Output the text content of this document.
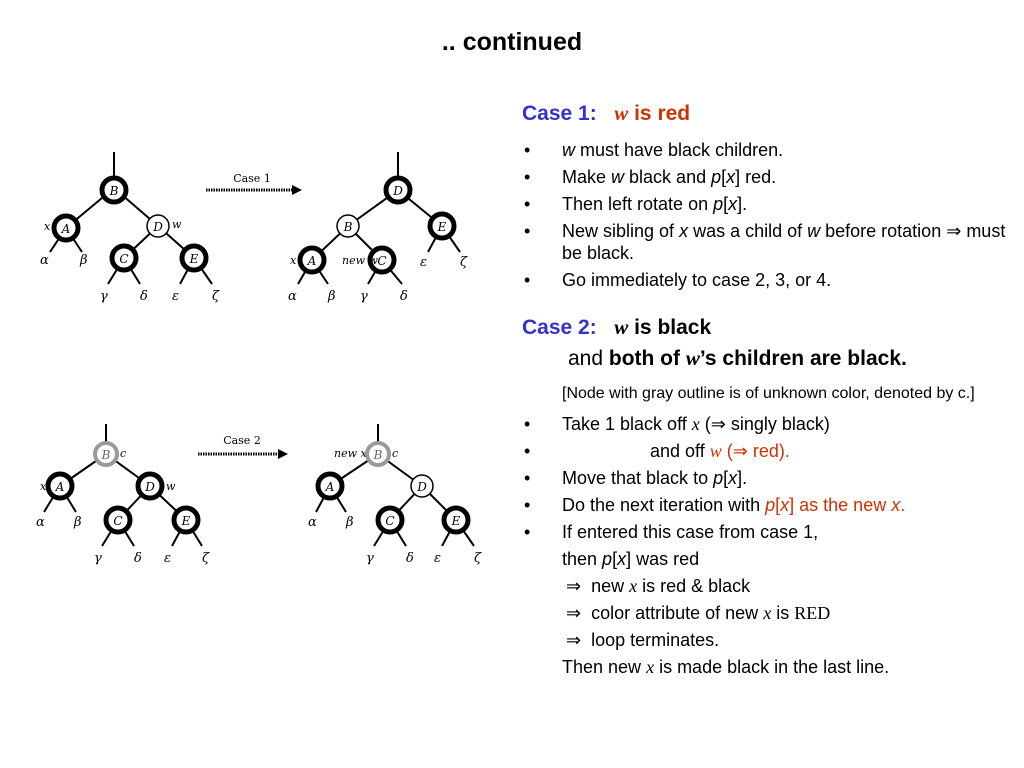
.. continued
B
A	D
C	E
x	w
α β
γ δ ε	ζ
Case 1
D
B	E
A	C
x	new w
α β γ δ
ε	ζ
B c
A	D
C	E
x	w
α β
γ δ ε ζ
Case 2
new x B c
A	D
C	E
α β
γ δ ε	ζ
Case 1: w is red
• w must have black children.
• Make w black and p[x] red.
• Then left rotate on p[x].
• New sibling of x was a child of w before rotation ⇒ must be black.
• Go immediately to case 2, 3, or 4.
Case 2: w is black
and both of w’s children are black.
[Node with gray outline is of unknown color, denoted by c.]
• Take 1 black off x (⇒ singly black)
•	and off w (⇒ red).
• Move that black to p[x].
• Do the next iteration with p[x] as the new x.
• If entered this case from case 1,
then p[x] was red
⇒  new x is red & black
⇒  color attribute of new x is RED
⇒  loop terminates.
Then new x is made black in the last line.
